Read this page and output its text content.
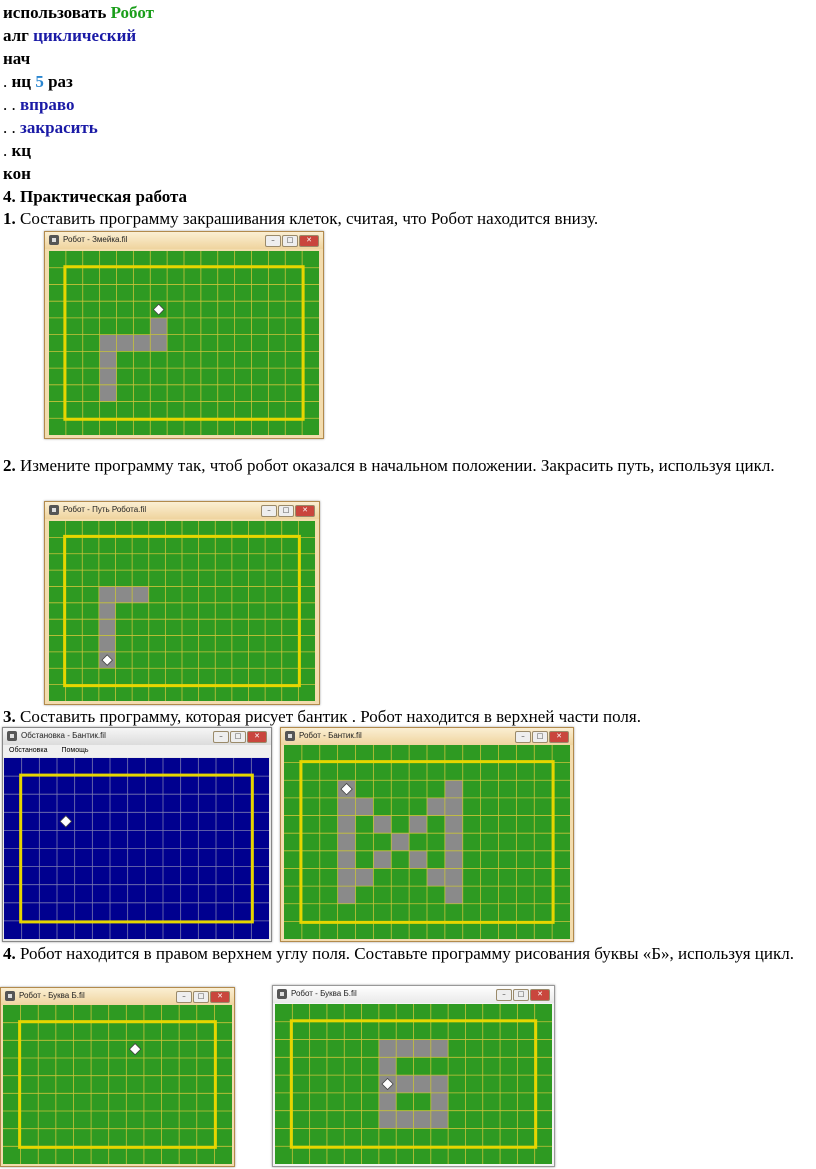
использовать Робот
алг циклический
нач
. нц 5 раз
. . вправо
. . закрасить
. кц
кон
4. Практическая работа
1. Составить программу закрашивания клеток, считая, что Робот находится внизу.
Робот - Змейка.fil	–	□	✕
2. Измените программу так, чтоб робот оказался в начальном положении. Закрасить путь, используя цикл.
Робот - Путь Робота.fil	–	□	✕
3. Составить программу, которая рисует бантик . Робот находится в верхней части поля.
Обстановка - Бантик.fil	–	□	✕
Обстановка Помощь
Робот - Бантик.fil	–	□	✕
4. Робот находится в правом верхнем углу поля. Составьте программу рисования буквы «Б», используя цикл.
Робот - Буква Б.fil	–	□	✕	Робот - Буква Б.fil	–	□	✕
